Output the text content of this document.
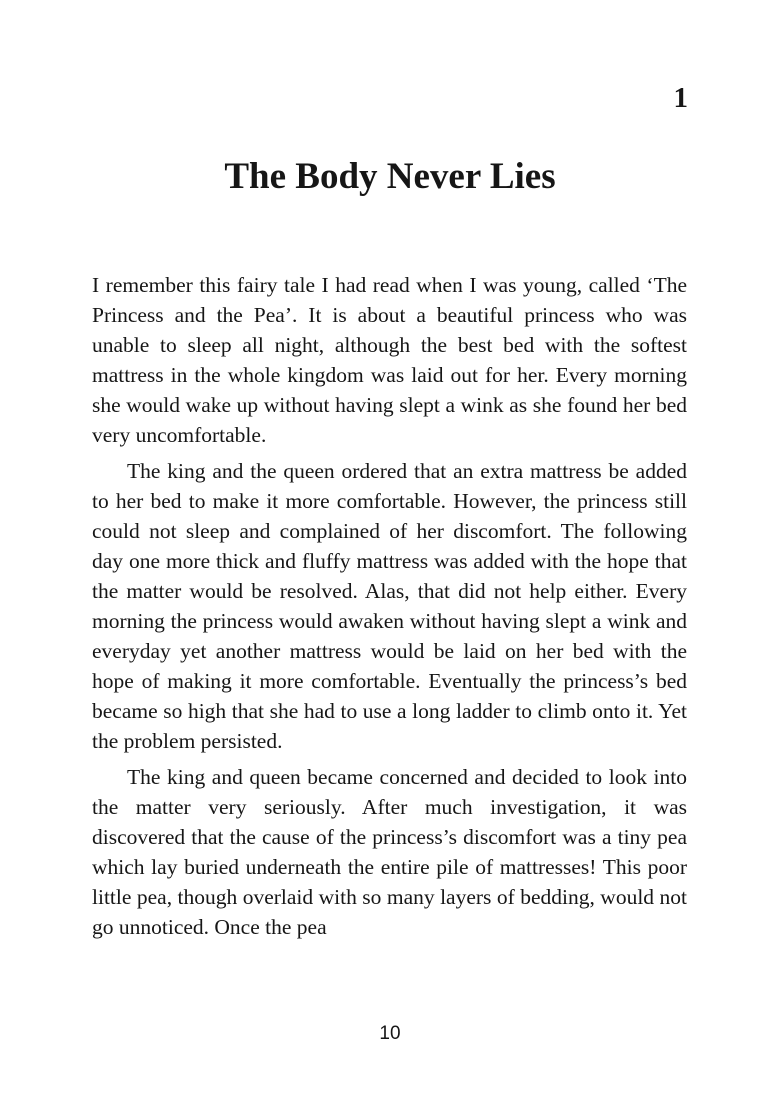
1
The Body Never Lies

I remember this fairy tale I had read when I was young, called ‘The Princess and the Pea’. It is about a beautiful princess who was unable to sleep all night, although the best bed with the softest mattress in the whole kingdom was laid out for her. Every morning she would wake up without having slept a wink as she found her bed very uncomfortable.

The king and the queen ordered that an extra mattress be added to her bed to make it more comfortable. However, the princess still could not sleep and complained of her discomfort. The following day one more thick and fluffy mattress was added with the hope that the matter would be resolved. Alas, that did not help either. Every morning the princess would awaken without having slept a wink and everyday yet another mattress would be laid on her bed with the hope of making it more comfortable. Eventually the princess’s bed became so high that she had to use a long ladder to climb onto it. Yet the problem persisted.

The king and queen became concerned and decided to look into the matter very seriously. After much investigation, it was discovered that the cause of the princess’s discomfort was a tiny pea which lay buried underneath the entire pile of mattresses! This poor little pea, though overlaid with so many layers of bedding, would not go unnoticed. Once the pea

10
